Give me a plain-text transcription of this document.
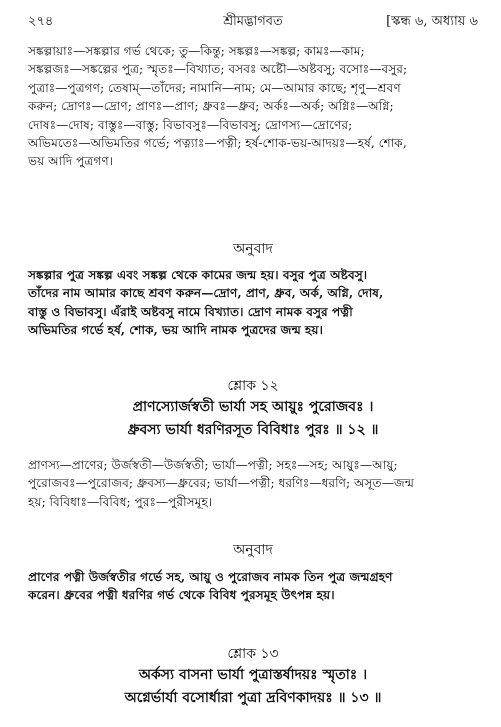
২৭৪	শ্রীমদ্ভাগবত	[স্কন্ধ ৬, অধ্যায় ৬

সঙ্কল্পায়াঃ—সঙ্কল্পার গর্ভ থেকে; তু—কিন্তু; সঙ্কল্পঃ—সঙ্কল্প; কামঃ—কাম;

সঙ্কল্পজঃ—সঙ্কল্পের পুত্র; স্মৃতঃ—বিখ্যাত; বসবঃ অষ্টৌ—অষ্টবসু; বসোঃ—বসুর;

পুত্রাঃ—পুত্রগণ; তেষাম্—তাঁদের; নামানি—নাম; মে—আমার কাছে; শৃণু—শ্রবণ

করুন; দ্রোণঃ—দ্রোণ; প্রাণঃ—প্রাণ; ধ্রুবঃ—ধ্রুব; অর্কঃ—অর্ক; অগ্নিঃ—অগ্নি;

দোষঃ—দোষ; বাস্তুঃ—বাস্তু; বিভাবসুঃ—বিভাবসু; দ্রোণস্য—দ্রোণের;

অভিমতেঃ—অভিমতির গর্ভে; পত্ন্যাঃ—পত্নী; হর্ষ-শোক-ভয়-আদয়ঃ—হর্ষ, শোক,

ভয় আদি পুত্রগণ।

অনুবাদ

সঙ্কল্পার পুত্র সঙ্কল্প এবং সঙ্কল্প থেকে কামের জন্ম হয়। বসুর পুত্র অষ্টবসু।

তাঁদের নাম আমার কাছে শ্রবণ করুন—দ্রোণ, প্রাণ, ধ্রুব, অর্ক, অগ্নি, দোষ,

বাস্তু ও বিভাবসু। এঁরাই অষ্টবসু নামে বিখ্যাত। দ্রোণ নামক বসুর পত্নী

অভিমতির গর্ভে হর্ষ, শোক, ভয় আদি নামক পুত্রদের জন্ম হয়।

শ্লোক ১২

প্রাণস্যোর্জস্বতী ভার্যা সহ আয়ুঃ পুরোজবঃ ।

ধ্রুবস্য ভার্যা ধরণিরসূত বিবিধাঃ পুরঃ ॥ ১২ ॥

প্রাণস্য—প্রাণের; উর্জস্বতী—উর্জস্বতী; ভার্যা—পত্নী; সহঃ—সহ; আয়ুঃ—আয়ু;

পুরোজবঃ—পুরোজব; ধ্রুবস্য—ধ্রুবের; ভার্যা—পত্নী; ধরণিঃ—ধরণি; অসূত—জন্ম

হয়; বিবিধাঃ—বিবিধ; পুরঃ—পুরীসমূহ।

অনুবাদ

প্রাণের পত্নী উর্জস্বতীর গর্ভে সহ, আয়ু ও পুরোজব নামক তিন পুত্র জন্মগ্রহণ

করেন। ধ্রুবের পত্নী ধরণির গর্ভ থেকে বিবিধ পুরসমূহ উৎপন্ন হয়।

শ্লোক ১৩

অর্কস্য বাসনা ভার্যা পুত্রাস্তর্ষাদয়ঃ স্মৃতাঃ ।

অগ্নের্ভার্যা বসোর্ধারা পুত্রা দ্রবিণকাদয়ঃ ॥ ১৩ ॥
